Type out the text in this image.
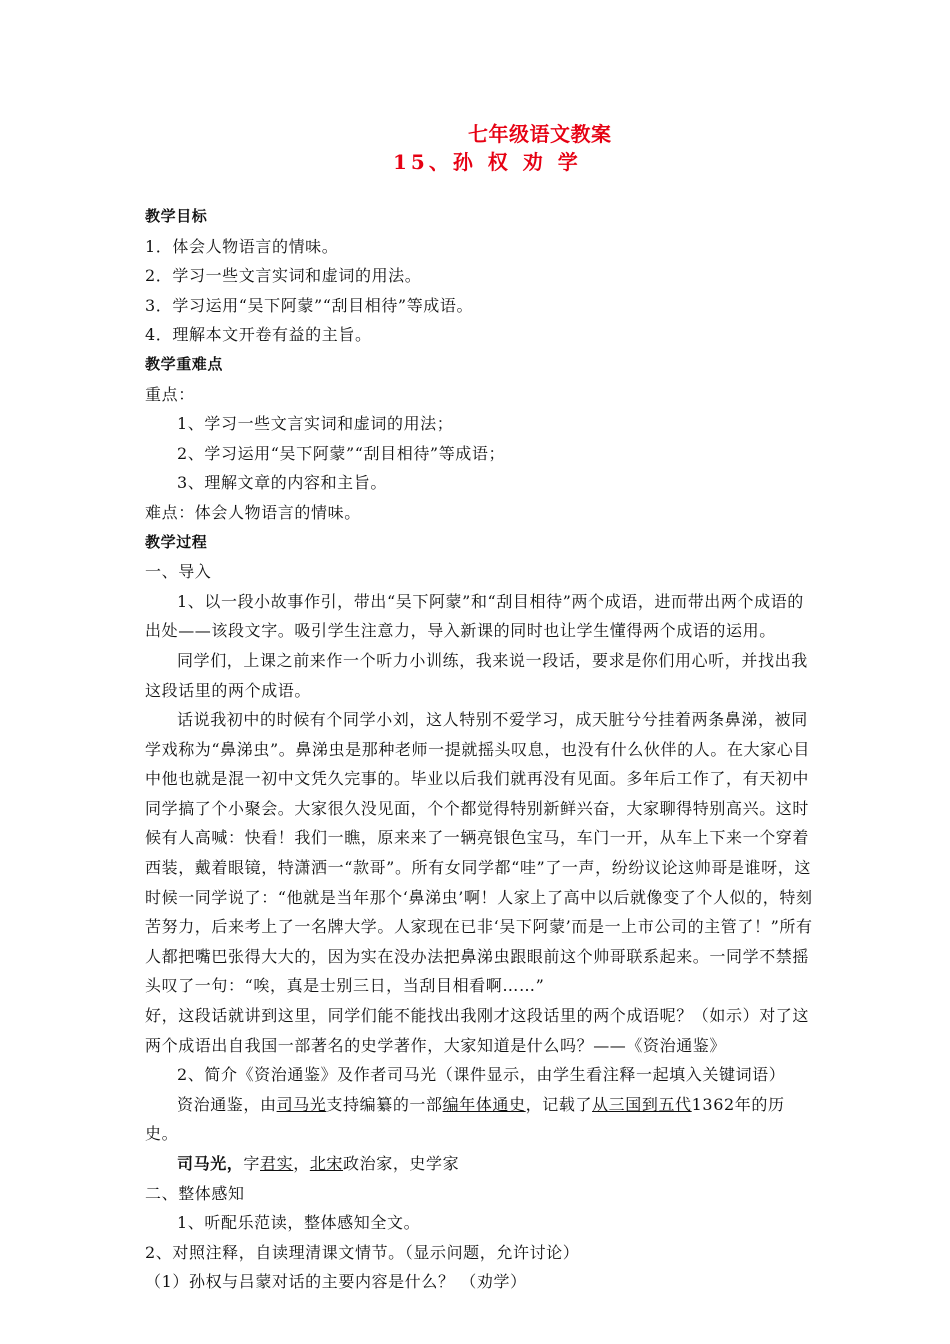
七年级语文教案
15、孙 权 劝 学

教学目标

1．体会人物语言的情味。

2．学习一些文言实词和虚词的用法。

3．学习运用“吴下阿蒙”“刮目相待”等成语。

4．理解本文开卷有益的主旨。

教学重难点

重点：

1、学习一些文言实词和虚词的用法；

2、学习运用“吴下阿蒙”“刮目相待”等成语；

3、理解文章的内容和主旨。

难点：体会人物语言的情味。

教学过程

一、导入

1、以一段小故事作引，带出“吴下阿蒙”和“刮目相待”两个成语，进而带出两个成语的出处——该段文字。吸引学生注意力，导入新课的同时也让学生懂得两个成语的运用。

同学们，上课之前来作一个听力小训练，我来说一段话，要求是你们用心听，并找出我这段话里的两个成语。

话说我初中的时候有个同学小刘，这人特别不爱学习，成天脏兮兮挂着两条鼻涕，被同学戏称为“鼻涕虫”。鼻涕虫是那种老师一提就摇头叹息，也没有什么伙伴的人。在大家心目中他也就是混一初中文凭久完事的。毕业以后我们就再没有见面。多年后工作了，有天初中同学搞了个小聚会。大家很久没见面，个个都觉得特别新鲜兴奋，大家聊得特别高兴。这时候有人高喊：快看！我们一瞧，原来来了一辆亮银色宝马，车门一开，从车上下来一个穿着西装，戴着眼镜，特潇洒一“款哥”。所有女同学都“哇”了一声，纷纷议论这帅哥是谁呀，这时候一同学说了：“他就是当年那个‘鼻涕虫’啊！人家上了高中以后就像变了个人似的，特刻苦努力，后来考上了一名牌大学。人家现在已非‘吴下阿蒙’而是一上市公司的主管了！”所有人都把嘴巴张得大大的，因为实在没办法把鼻涕虫跟眼前这个帅哥联系起来。一同学不禁摇头叹了一句：“唉，真是士别三日，当刮目相看啊……”

好，这段话就讲到这里，同学们能不能找出我刚才这段话里的两个成语呢？（如示）对了这两个成语出自我国一部著名的史学著作，大家知道是什么吗？——《资治通鉴》

2、简介《资治通鉴》及作者司马光（课件显示，由学生看注释一起填入关键词语）

资治通鉴，由司马光支持编纂的一部编年体通史，记载了从三国到五代1362年的历史。

司马光，字君实，北宋政治家，史学家

二、整体感知

1、听配乐范读，整体感知全文。

2、对照注释，自读理清课文情节。（显示问题，允许讨论）

（1）孙权与吕蒙对话的主要内容是什么？ （劝学）
